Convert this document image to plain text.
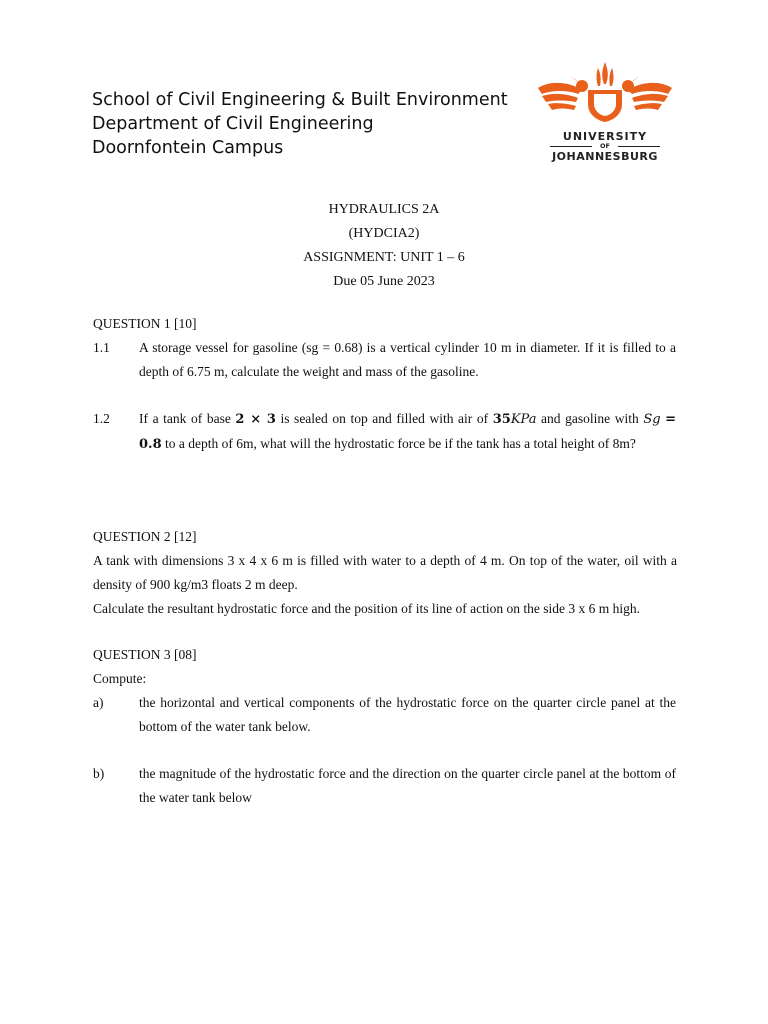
School of Civil Engineering & Built Environment
Department of Civil Engineering
Doornfontein Campus
UNIVERSITY
OF
JOHANNESBURG
HYDRAULICS 2A
(HYDCIA2)
ASSIGNMENT: UNIT 1 – 6
Due 05 June 2023
QUESTION 1 [10]
1.1 A storage vessel for gasoline (sg = 0.68) is a vertical cylinder 10 m in diameter. If it is filled to a depth of 6.75 m, calculate the weight and mass of the gasoline.
1.2 If a tank of base 2 × 3 is sealed on top and filled with air of 35KPa and gasoline with Sg = 0.8 to a depth of 6m, what will the hydrostatic force be if the tank has a total height of 8m?
QUESTION 2 [12]
A tank with dimensions 3 x 4 x 6 m is filled with water to a depth of 4 m. On top of the water, oil with a density of 900 kg/m3 floats 2 m deep.
Calculate the resultant hydrostatic force and the position of its line of action on the side 3 x 6 m high.
QUESTION 3 [08]
Compute:
a)	the horizontal and vertical components of the hydrostatic force on the quarter circle panel at the bottom of the water tank below.
b)	the magnitude of the hydrostatic force and the direction on the quarter circle panel at the bottom of the water tank below
